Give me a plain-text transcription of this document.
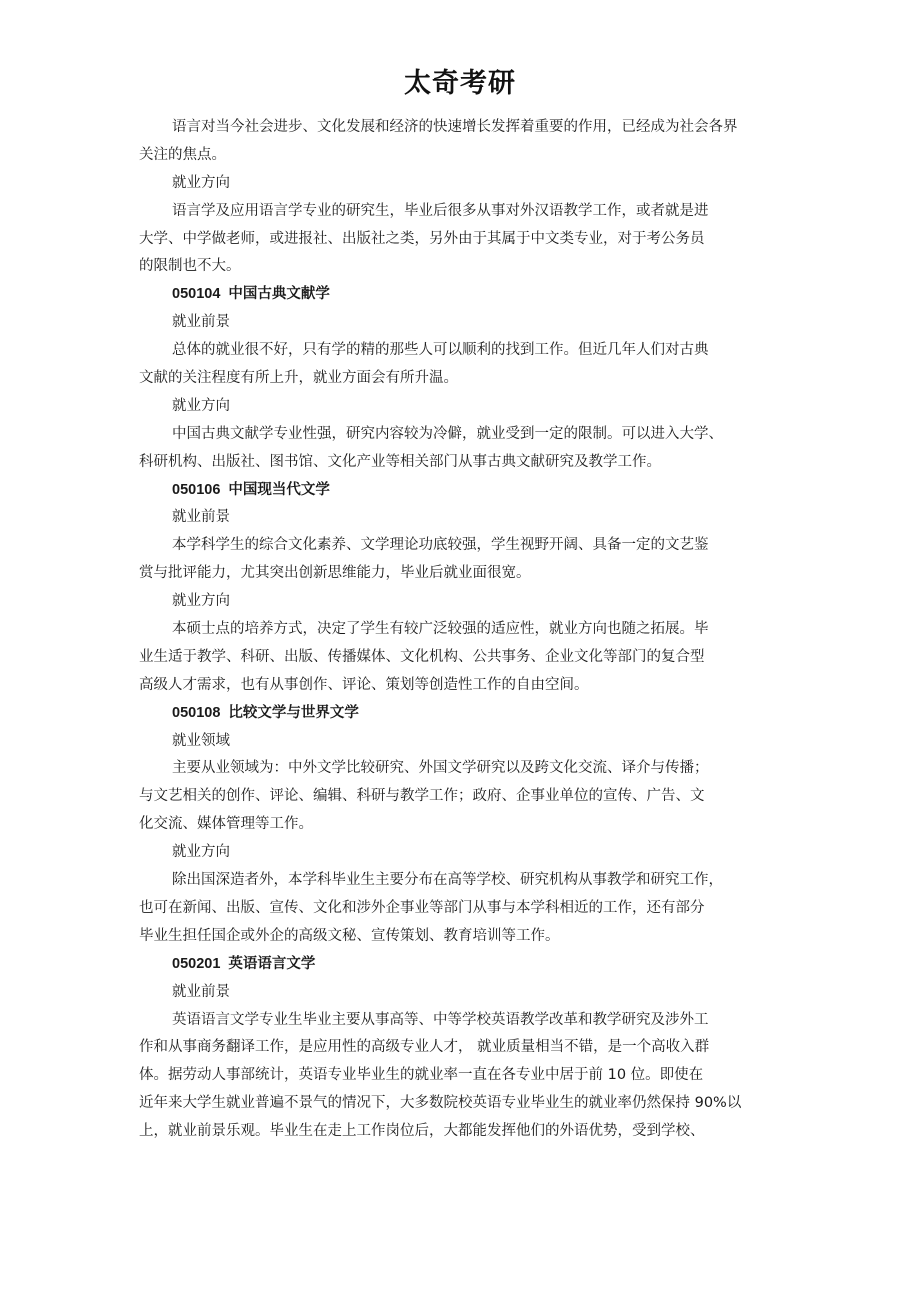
太奇考研
语言对当今社会进步、文化发展和经济的快速增长发挥着重要的作用，已经成为社会各界
关注的焦点。
就业方向
语言学及应用语言学专业的研究生，毕业后很多从事对外汉语教学工作，或者就是进
大学、中学做老师，或进报社、出版社之类，另外由于其属于中文类专业，对于考公务员
的限制也不大。
050104 中国古典文献学
就业前景
总体的就业很不好，只有学的精的那些人可以顺利的找到工作。但近几年人们对古典
文献的关注程度有所上升，就业方面会有所升温。
就业方向
中国古典文献学专业性强，研究内容较为冷僻，就业受到一定的限制。可以进入大学、
科研机构、出版社、图书馆、文化产业等相关部门从事古典文献研究及教学工作。
050106 中国现当代文学
就业前景
本学科学生的综合文化素养、文学理论功底较强，学生视野开阔、具备一定的文艺鉴
赏与批评能力，尤其突出创新思维能力，毕业后就业面很宽。
就业方向
本硕士点的培养方式，决定了学生有较广泛较强的适应性，就业方向也随之拓展。毕
业生适于教学、科研、出版、传播媒体、文化机构、公共事务、企业文化等部门的复合型
高级人才需求，也有从事创作、评论、策划等创造性工作的自由空间。
050108 比较文学与世界文学
就业领域
主要从业领域为：中外文学比较研究、外国文学研究以及跨文化交流、译介与传播；
与文艺相关的创作、评论、编辑、科研与教学工作；政府、企事业单位的宣传、广告、文
化交流、媒体管理等工作。
就业方向
除出国深造者外，本学科毕业生主要分布在高等学校、研究机构从事教学和研究工作，
也可在新闻、出版、宣传、文化和涉外企事业等部门从事与本学科相近的工作，还有部分
毕业生担任国企或外企的高级文秘、宣传策划、教育培训等工作。
050201 英语语言文学
就业前景
英语语言文学专业生毕业主要从事高等、中等学校英语教学改革和教学研究及涉外工
作和从事商务翻译工作，是应用性的高级专业人才， 就业质量相当不错，是一个高收入群
体。据劳动人事部统计，英语专业毕业生的就业率一直在各专业中居于前 10 位。即使在
近年来大学生就业普遍不景气的情况下，大多数院校英语专业毕业生的就业率仍然保持 90%以
上，就业前景乐观。毕业生在走上工作岗位后，大都能发挥他们的外语优势，受到学校、
